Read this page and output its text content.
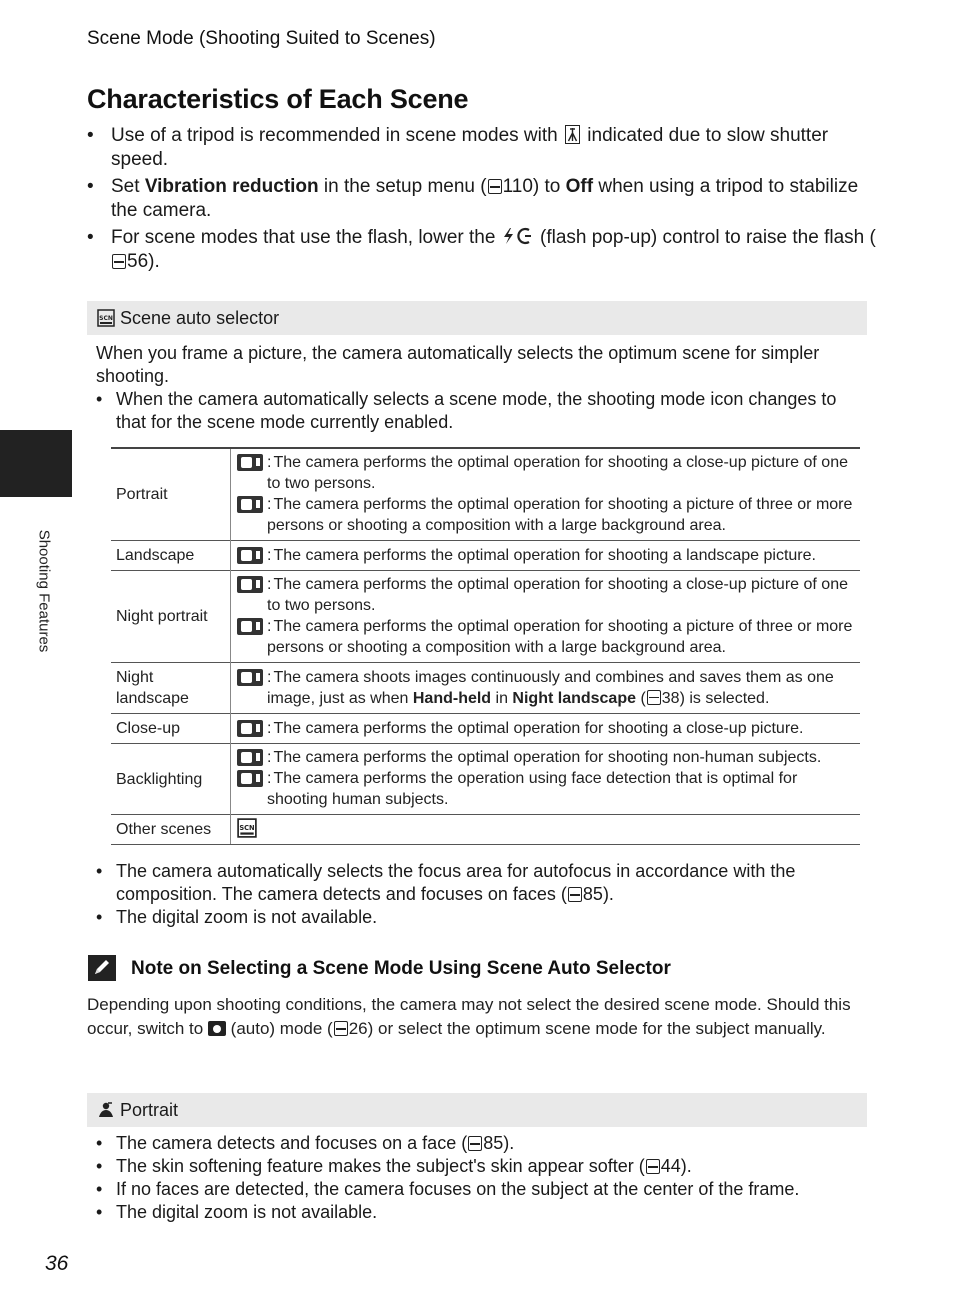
Scene Mode (Shooting Suited to Scenes)
Characteristics of Each Scene
• Use of a tripod is recommended in scene modes with indicated due to slow shutter speed.
• Set Vibration reduction in the setup menu ( 110) to Off when using a tripod to stabilize the camera.
• For scene modes that use the flash, lower the (flash pop-up) control to raise the flash (56).
SCN Scene auto selector

When you frame a picture, the camera automatically selects the optimum scene for simpler shooting.

• When the camera automatically selects a scene mode, the shooting mode icon changes to that for the scene mode currently enabled.
Portrait	: The camera performs the optimal operation for shooting a close-up picture of one to two persons.
: The camera performs the optimal operation for shooting a picture of three or more persons or shooting a composition with a large background area.

Landscape	: The camera performs the optimal operation for shooting a landscape picture.

Night portrait	: The camera performs the optimal operation for shooting a close-up picture of one to two persons.
: The camera performs the optimal operation for shooting a picture of three or more persons or shooting a composition with a large background area.

Night landscape	: The camera shoots images continuously and combines and saves them as one image, just as when Hand-held in Night landscape ( 38) is selected.

Close-up	: The camera performs the optimal operation for shooting a close-up picture.

Backlighting	: The camera performs the optimal operation for shooting non-human subjects.
: The camera performs the operation using face detection that is optimal for shooting human subjects.

Other scenes	SCN
• The camera automatically selects the focus area for autofocus in accordance with the composition. The camera detects and focuses on faces ( 85).
• The digital zoom is not available.
Note on Selecting a Scene Mode Using Scene Auto Selector
Depending upon shooting conditions, the camera may not select the desired scene mode. Should this occur, switch to  (auto) mode ( 26) or select the optimum scene mode for the subject manually.
Portrait
• The camera detects and focuses on a face ( 85).
• The skin softening feature makes the subject's skin appear softer ( 44).
• If no faces are detected, the camera focuses on the subject at the center of the frame.
• The digital zoom is not available.
Shooting Features
36
